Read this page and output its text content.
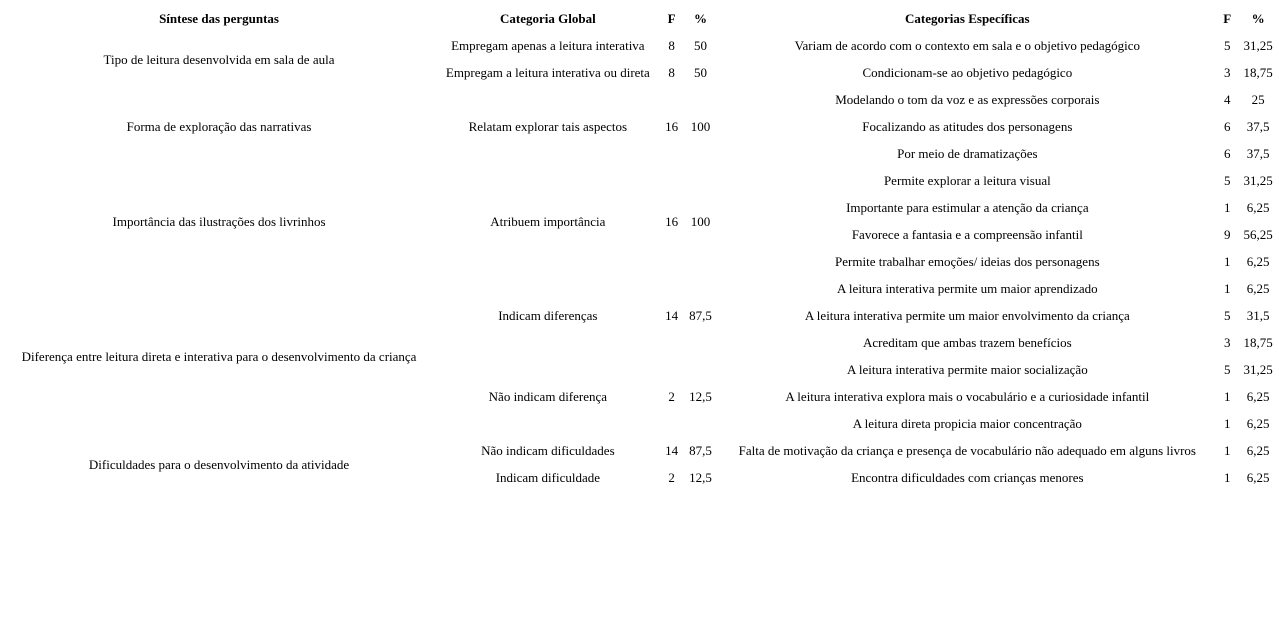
Síntese das perguntas	Categoria Global	F	%	Categorias Específicas	F	%
Tipo de leitura desenvolvida em sala de aula	Empregam apenas a leitura interativa	8	50	Variam de acordo com o contexto em sala e o objetivo pedagógico	5	31,25
	Empregam a leitura interativa ou direta	8	50	Condicionam-se ao objetivo pedagógico	3	18,75
Forma de exploração das narrativas	Relatam explorar tais aspectos	16	100	Modelando o tom da voz e as expressões corporais	4	25
				Focalizando as atitudes dos personagens	6	37,5
				Por meio de dramatizações	6	37,5
Importância das ilustrações dos livrinhos	Atribuem importância	16	100	Permite explorar a leitura visual	5	31,25
				Importante para estimular a atenção da criança	1	6,25
				Favorece a fantasia e a compreensão infantil	9	56,25
				Permite trabalhar emoções/ ideias dos personagens	1	6,25
Diferença entre leitura direta e interativa para o desenvolvimento da criança	Indicam diferenças	14	87,5	A leitura interativa permite um maior aprendizado	1	6,25
				A leitura interativa permite um maior envolvimento da criança	5	31,5
				Acreditam que ambas trazem benefícios	3	18,75
	Não indicam diferença	2	12,5	A leitura interativa permite maior socialização	5	31,25
				A leitura interativa explora mais o vocabulário e a curiosidade infantil	1	6,25
				A leitura direta propicia maior concentração	1	6,25
Dificuldades para o desenvolvimento da atividade	Não indicam dificuldades	14	87,5	Falta de motivação da criança e presença de vocabulário não adequado em alguns livros	1	6,25
	Indicam dificuldade	2	12,5	Encontra dificuldades com crianças menores	1	6,25
